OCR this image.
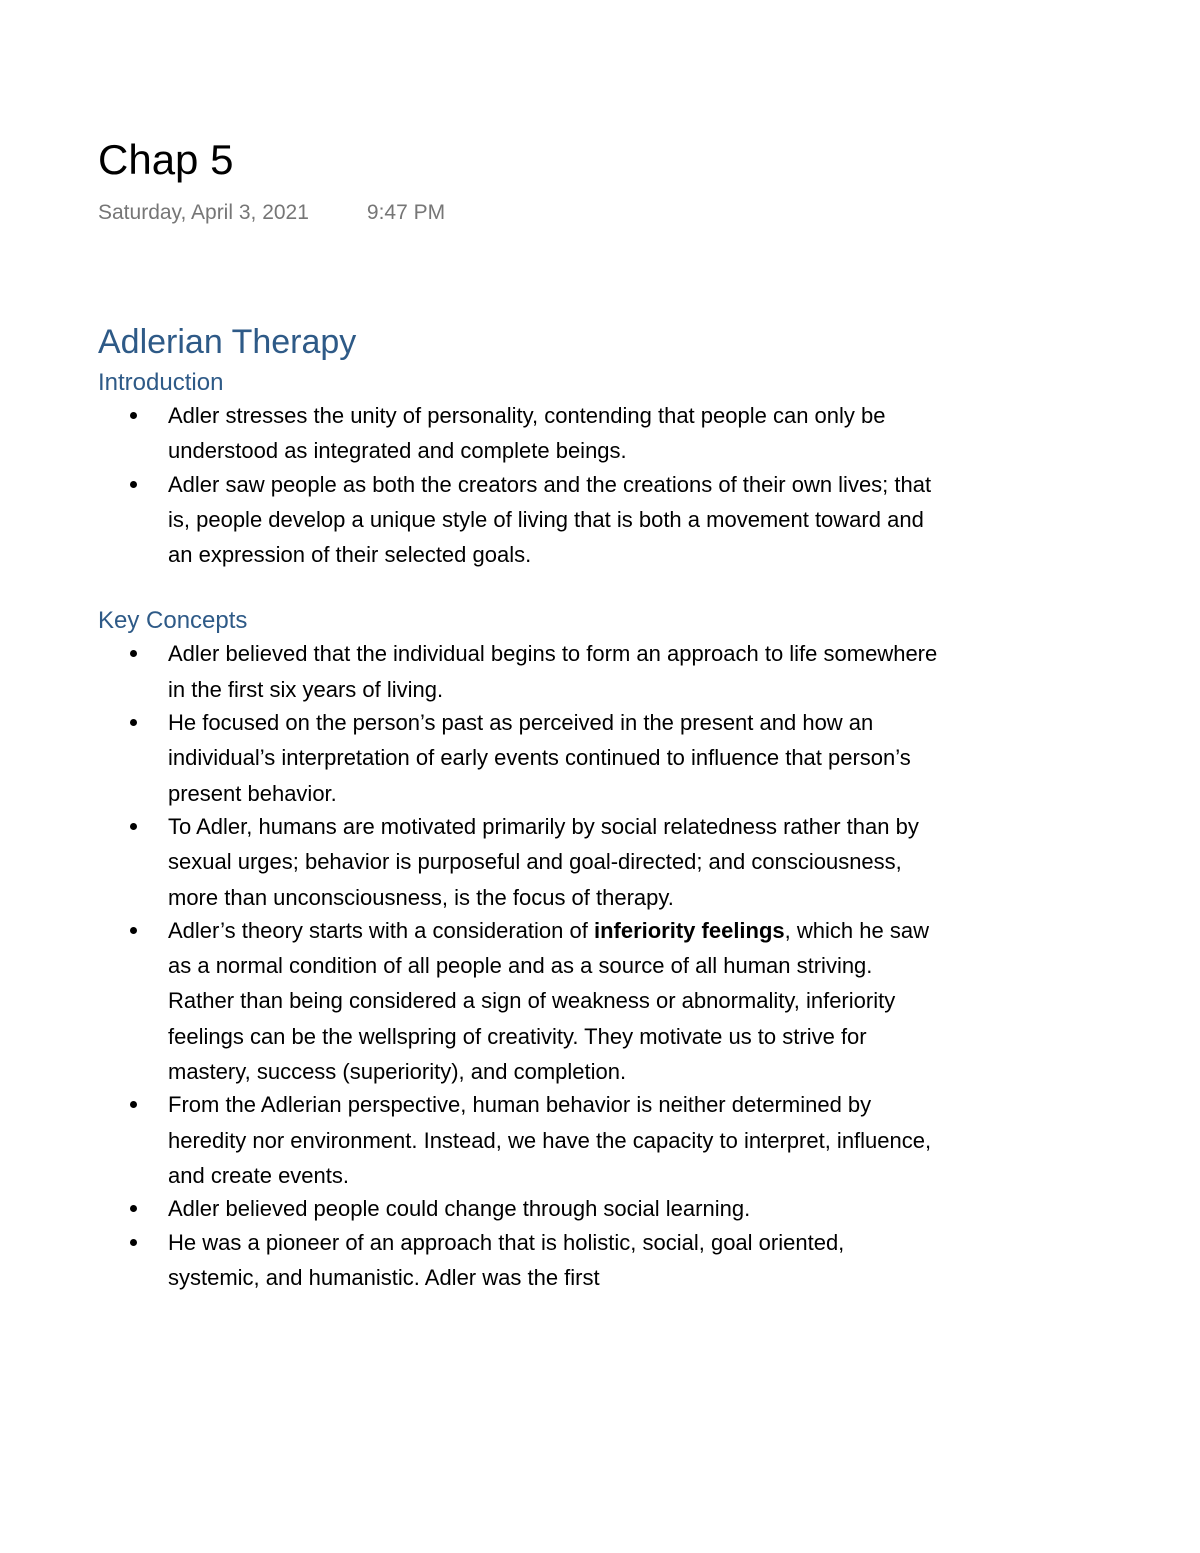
Chap 5
Saturday, April 3, 2021	9:47 PM
Adlerian Therapy
Introduction
Adler stresses the unity of personality, contending that people can only be understood as integrated and complete beings.
Adler saw people as both the creators and the creations of their own lives; that is, people develop a unique style of living that is both a movement toward and an expression of their selected goals.
Key Concepts
Adler believed that the individual begins to form an approach to life somewhere in the first six years of living.
He focused on the person’s past as perceived in the present and how an individual’s interpretation of early events continued to influence that person’s present behavior.
To Adler, humans are motivated primarily by social relatedness rather than by sexual urges; behavior is purposeful and goal-directed; and consciousness, more than unconsciousness, is the focus of therapy.
Adler’s theory starts with a consideration of inferiority feelings, which he saw as a normal condition of all people and as a source of all human striving. Rather than being considered a sign of weakness or abnormality, inferiority feelings can be the wellspring of creativity. They motivate us to strive for mastery, success (superiority), and completion.
From the Adlerian perspective, human behavior is neither determined by heredity nor environment. Instead, we have the capacity to interpret, influence, and create events.
Adler believed people could change through social learning.
He was a pioneer of an approach that is holistic, social, goal oriented, systemic, and humanistic. Adler was the first
